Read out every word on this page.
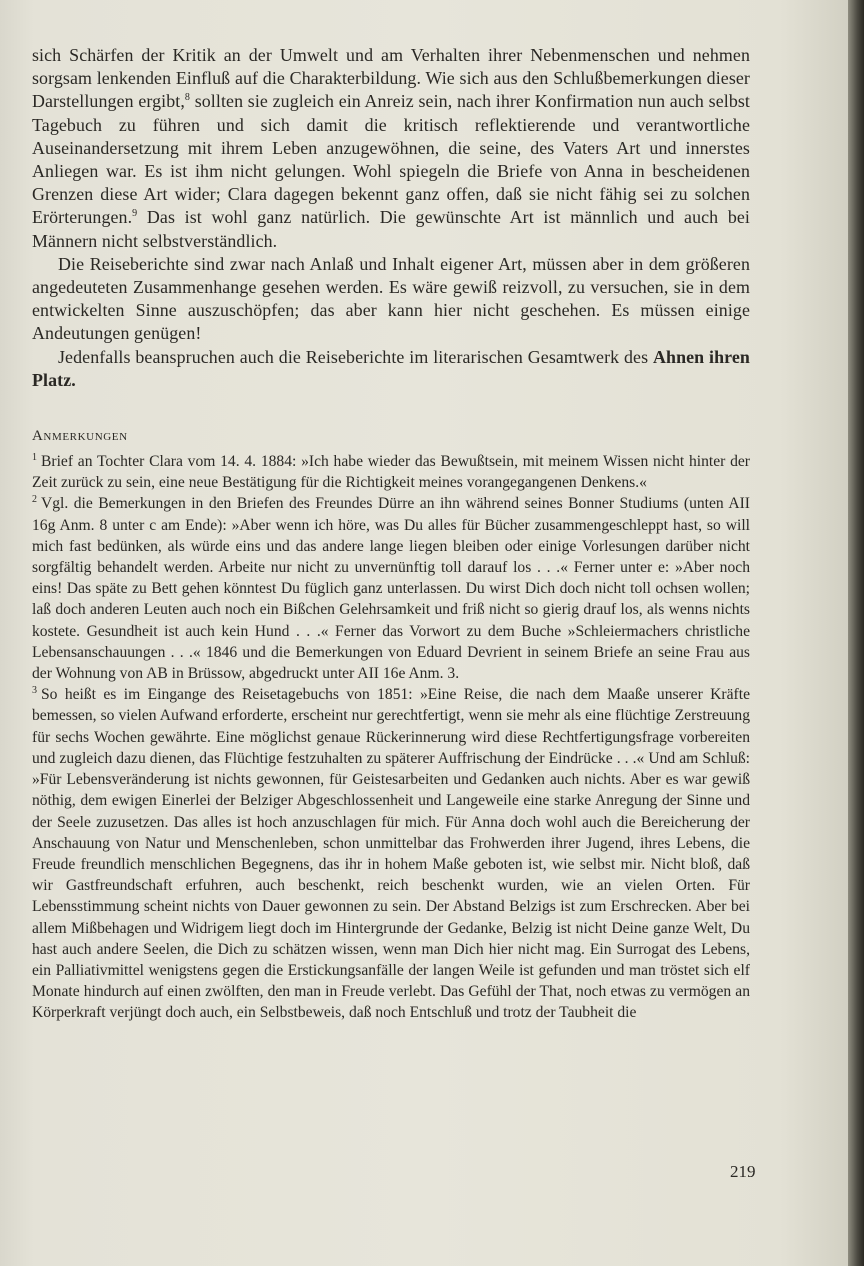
sich Schärfen der Kritik an der Umwelt und am Verhalten ihrer Nebenmenschen und nehmen sorgsam lenkenden Einfluß auf die Charakterbildung. Wie sich aus den Schlußbemerkungen dieser Darstellungen ergibt,$^8$ sollten sie zugleich ein Anreiz sein, nach ihrer Konfirmation nun auch selbst Tagebuch zu führen und sich damit die kritisch reflektierende und verantwortliche Auseinandersetzung mit ihrem Leben anzugewöhnen, die seine, des Vaters Art und innerstes Anliegen war. Es ist ihm nicht gelungen. Wohl spiegeln die Briefe von Anna in bescheidenen Grenzen diese Art wider; Clara dagegen bekennt ganz offen, daß sie nicht fähig sei zu solchen Erörterungen.$^9$ Das ist wohl ganz natürlich. Die gewünschte Art ist männlich und auch bei Männern nicht selbstverständlich.

Die Reiseberichte sind zwar nach Anlaß und Inhalt eigener Art, müssen aber in dem größeren angedeuteten Zusammenhange gesehen werden. Es wäre gewiß reizvoll, zu versuchen, sie in dem entwickelten Sinne auszuschöpfen; das aber kann hier nicht geschehen. Es müssen einige Andeutungen genügen!

Jedenfalls beanspruchen auch die Reiseberichte im literarischen Gesamtwerk des Ahnen ihren Platz.

Anmerkungen

$^1$ Brief an Tochter Clara vom 14. 4. 1884: »Ich habe wieder das Bewußtsein, mit meinem Wissen nicht hinter der Zeit zurück zu sein, eine neue Bestätigung für die Richtigkeit meines vorangegangenen Denkens.«

$^2$ Vgl. die Bemerkungen in den Briefen des Freundes Dürre an ihn während seines Bonner Studiums (unten AII 16g Anm. 8 unter c am Ende): »Aber wenn ich höre, was Du alles für Bücher zusammengeschleppt hast, so will mich fast bedünken, als würde eins und das andere lange liegen bleiben oder einige Vorlesungen darüber nicht sorgfältig behandelt werden. Arbeite nur nicht zu unvernünftig toll darauf los . . .« Ferner unter e: »Aber noch eins! Das späte zu Bett gehen könntest Du füglich ganz unterlassen. Du wirst Dich doch nicht toll ochsen wollen; laß doch anderen Leuten auch noch ein Bißchen Gelehrsamkeit und friß nicht so gierig drauf los, als wenns nichts kostete. Gesundheit ist auch kein Hund . . .« Ferner das Vorwort zu dem Buche »Schleiermachers christliche Lebensanschauungen . . .« 1846 und die Bemerkungen von Eduard Devrient in seinem Briefe an seine Frau aus der Wohnung von AB in Brüssow, abgedruckt unter AII 16e Anm. 3.

$^3$ So heißt es im Eingange des Reisetagebuchs von 1851: »Eine Reise, die nach dem Maaße unserer Kräfte bemessen, so vielen Aufwand erforderte, erscheint nur gerechtfertigt, wenn sie mehr als eine flüchtige Zerstreuung für sechs Wochen gewährte. Eine möglichst genaue Rückerinnerung wird diese Rechtfertigungsfrage vorbereiten und zugleich dazu dienen, das Flüchtige festzuhalten zu späterer Auffrischung der Eindrücke . . .« Und am Schluß: »Für Lebensveränderung ist nichts gewonnen, für Geistesarbeiten und Gedanken auch nichts. Aber es war gewiß nöthig, dem ewigen Einerlei der Belziger Abgeschlossenheit und Langeweile eine starke Anregung der Sinne und der Seele zuzusetzen. Das alles ist hoch anzuschlagen für mich. Für Anna doch wohl auch die Bereicherung der Anschauung von Natur und Menschenleben, schon unmittelbar das Frohwerden ihrer Jugend, ihres Lebens, die Freude freundlich menschlichen Begegnens, das ihr in hohem Maße geboten ist, wie selbst mir. Nicht bloß, daß wir Gastfreundschaft erfuhren, auch beschenkt, reich beschenkt wurden, wie an vielen Orten. Für Lebensstimmung scheint nichts von Dauer gewonnen zu sein. Der Abstand Belzigs ist zum Erschrecken. Aber bei allem Mißbehagen und Widrigem liegt doch im Hintergrunde der Gedanke, Belzig ist nicht Deine ganze Welt, Du hast auch andere Seelen, die Dich zu schätzen wissen, wenn man Dich hier nicht mag. Ein Surrogat des Lebens, ein Palliativmittel wenigstens gegen die Erstickungsanfälle der langen Weile ist gefunden und man tröstet sich elf Monate hindurch auf einen zwölften, den man in Freude verlebt. Das Gefühl der That, noch etwas zu vermögen an Körperkraft verjüngt doch auch, ein Selbstbeweis, daß noch Entschluß und trotz der Taubheit die

219
